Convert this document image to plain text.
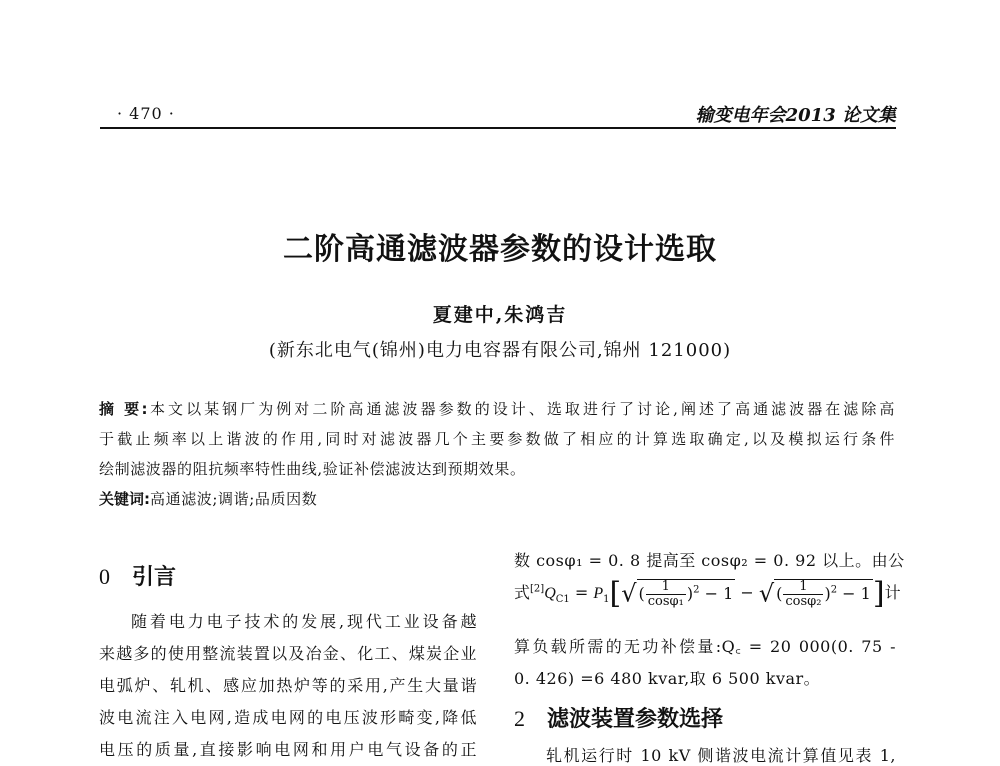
· 470 ·	输变电年会2013 论文集
二阶高通滤波器参数的设计选取
夏建中,朱鸿吉
(新东北电气(锦州)电力电容器有限公司,锦州 121000)
摘 要:本文以某钢厂为例对二阶高通滤波器参数的设计、选取进行了讨论,阐述了高通滤波器在滤除高
于截止频率以上谐波的作用,同时对滤波器几个主要参数做了相应的计算选取确定,以及模拟运行条件
绘制滤波器的阻抗频率特性曲线,验证补偿滤波达到预期效果。
关键词:高通滤波;调谐;品质因数
0 引言
随着电力电子技术的发展,现代工业设备越
来越多的使用整流装置以及冶金、化工、煤炭企业
电弧炉、轧机、感应加热炉等的采用,产生大量谐
波电流注入电网,造成电网的电压波形畸变,降低
电压的质量,直接影响电网和用户电气设备的正
数 cosφ₁ = 0. 8 提高至 cosφ₂ = 0. 92 以上。由公
式$[2]Q_{C1} = P_1[√$ ( $\frac{1}{\text{cosφ₁}} )^2 - 1$ − √ ( $\frac{1}{\text{cosφ₂}} )^2 - 1$]计
算负载所需的无功补偿量:Q꜀ = 20 000(0. 75 -
0. 426) =6 480 kvar,取 6 500 kvar。
2 滤波装置参数选择
轧机运行时 10 kV 侧谐波电流计算值见表 1,
